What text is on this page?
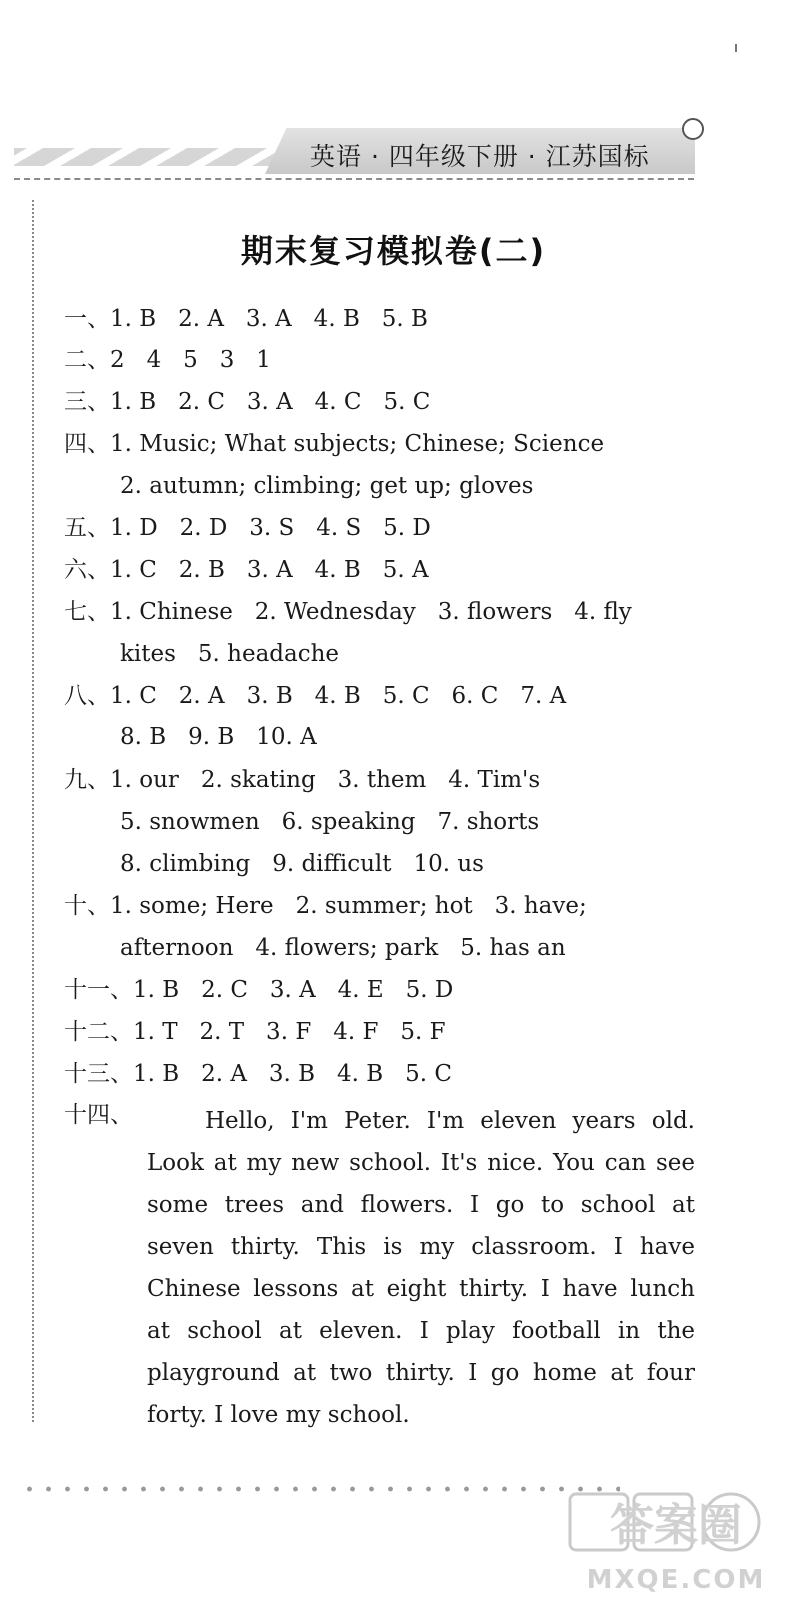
英语 · 四年级下册 · 江苏国标
期末复习模拟卷(二)
一、1. B   2. A   3. A   4. B   5. B
二、2   4   5   3   1
三、1. B   2. C   3. A   4. C   5. C
四、1. Music; What subjects; Chinese; Science
2. autumn; climbing; get up; gloves
五、1. D   2. D   3. S   4. S   5. D
六、1. C   2. B   3. A   4. B   5. A
七、1. Chinese   2. Wednesday   3. flowers   4. fly
kites   5. headache
八、1. C   2. A   3. B   4. B   5. C   6. C   7. A
8. B   9. B   10. A
九、1. our   2. skating   3. them   4. Tim's
5. snowmen   6. speaking   7. shorts
8. climbing   9. difficult   10. us
十、1. some; Here   2. summer; hot   3. have;
afternoon   4. flowers; park   5. has an
十一、1. B   2. C   3. A   4. E   5. D
十二、1. T   2. T   3. F   4. F   5. F
十三、1. B   2. A   3. B   4. B   5. C
十四、	Hello, I'm Peter. I'm eleven years old.
Look at my new school. It's nice. You can see
some trees and flowers. I go to school at
seven thirty. This is my classroom. I have
Chinese lessons at eight thirty. I have lunch
at school at eleven. I play football in the
playground at two thirty. I go home at four
forty. I love my school.
答案圈
MXQE.COM
